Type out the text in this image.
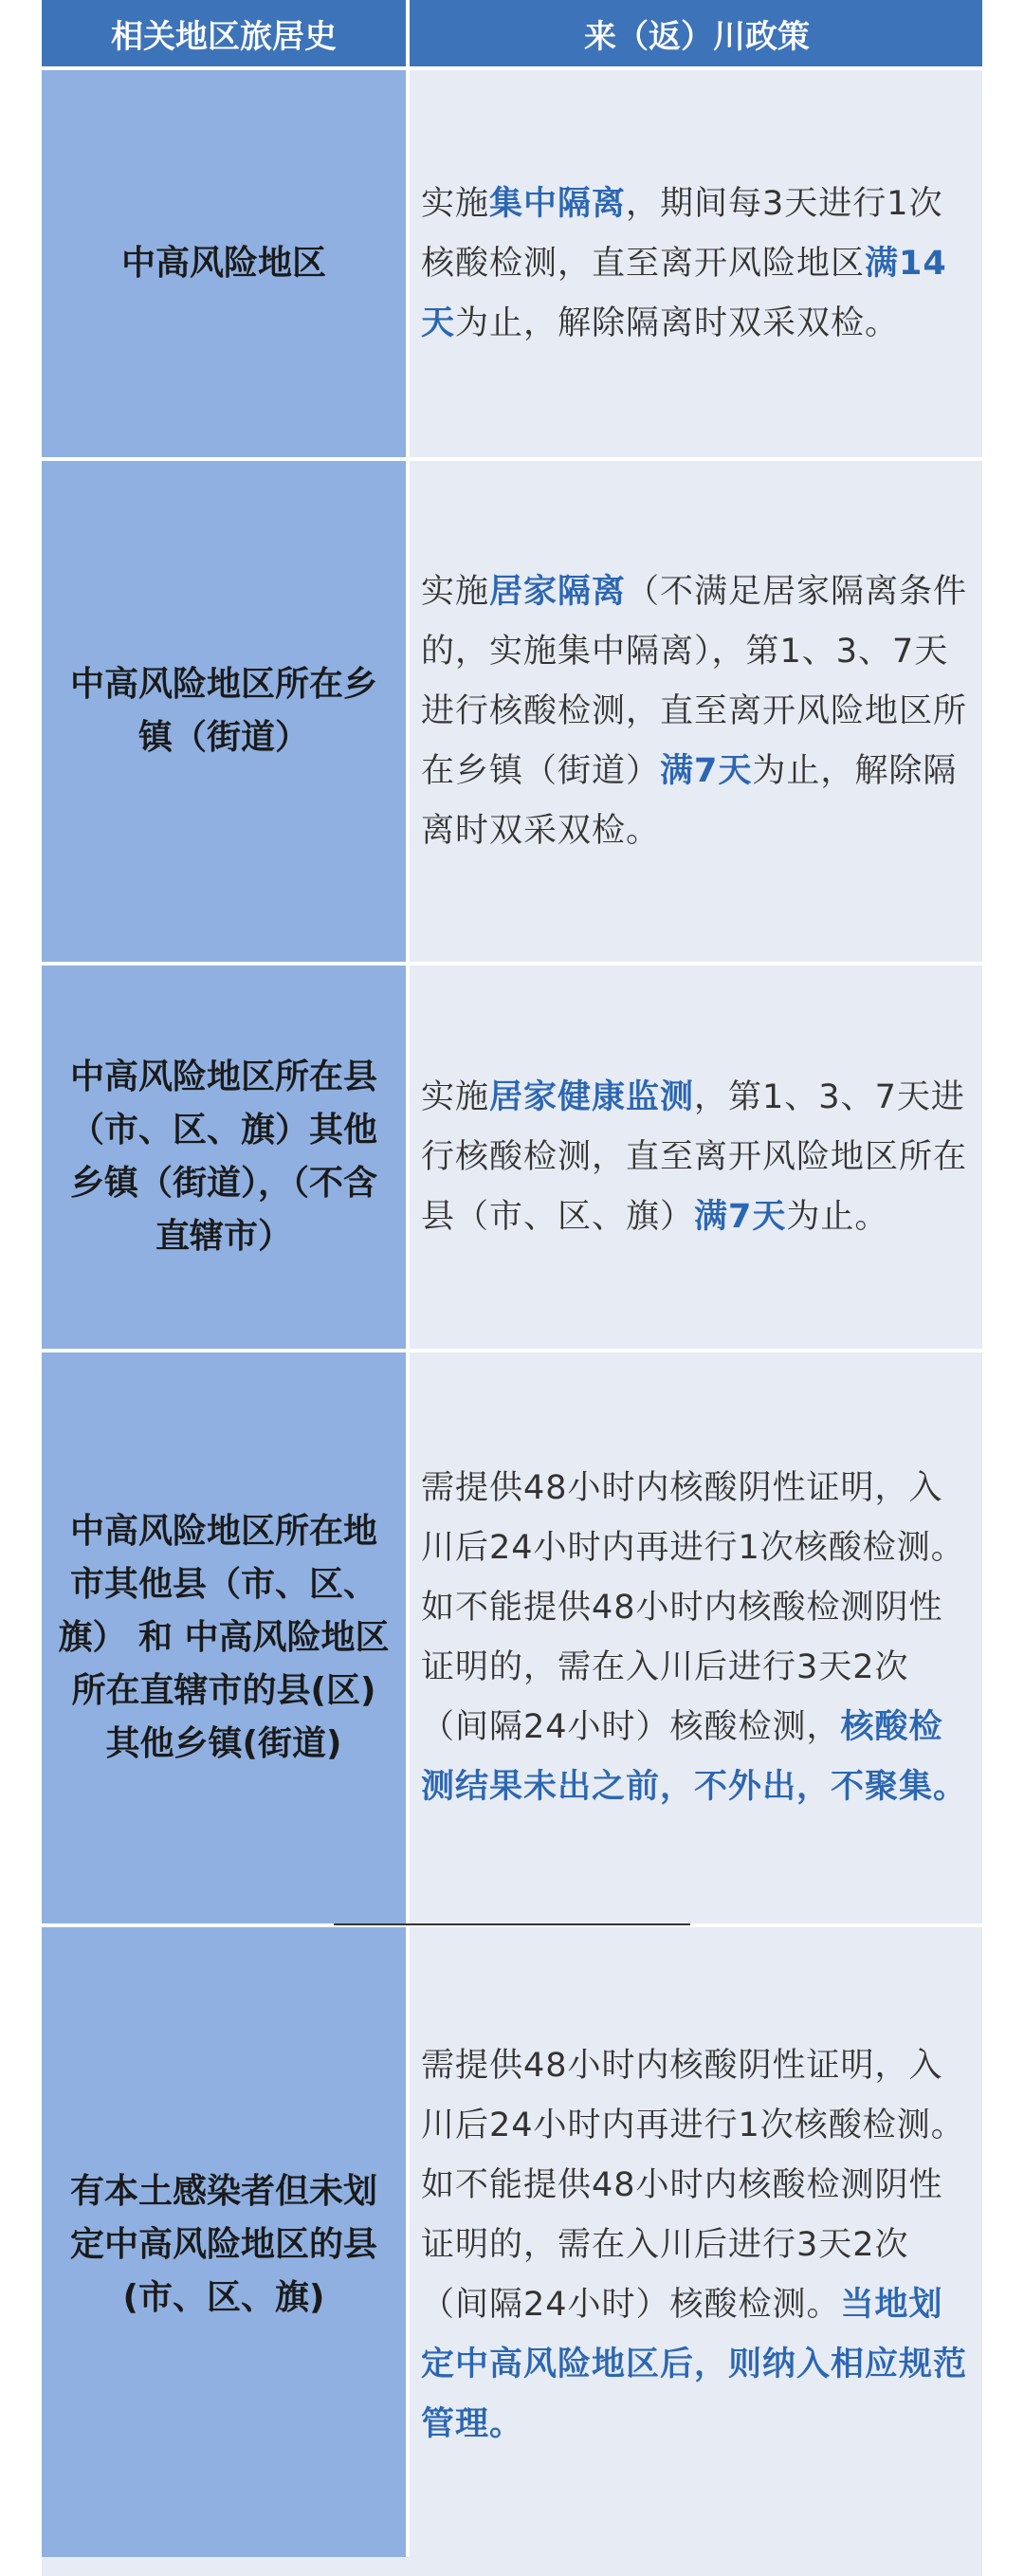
相关地区旅居史	来（返）川政策
中高风险地区
实施集中隔离，期间每3天进行1次核酸检测，直至离开风险地区满14天为止，解除隔离时双采双检。
中高风险地区所在乡镇（街道）
实施居家隔离（不满足居家隔离条件的，实施集中隔离），第1、3、7天进行核酸检测，直至离开风险地区所在乡镇（街道）满7天为止，解除隔离时双采双检。
中高风险地区所在县（市、区、旗）其他乡镇（街道），（不含直辖市）
实施居家健康监测，第1、3、7天进行核酸检测，直至离开风险地区所在县（市、区、旗）满7天为止。
中高风险地区所在地市其他县（市、区、旗） 和 中高风险地区所在直辖市的县(区)其他乡镇(街道)
需提供48小时内核酸阴性证明，入川后24小时内再进行1次核酸检测。如不能提供48小时内核酸检测阴性证明的，需在入川后进行3天2次（间隔24小时）核酸检测，核酸检测结果未出之前，不外出，不聚集。
有本土感染者但未划定中高风险地区的县(市、区、旗)
需提供48小时内核酸阴性证明，入川后24小时内再进行1次核酸检测。如不能提供48小时内核酸检测阴性证明的，需在入川后进行3天2次（间隔24小时）核酸检测。当地划定中高风险地区后，则纳入相应规范管理。
